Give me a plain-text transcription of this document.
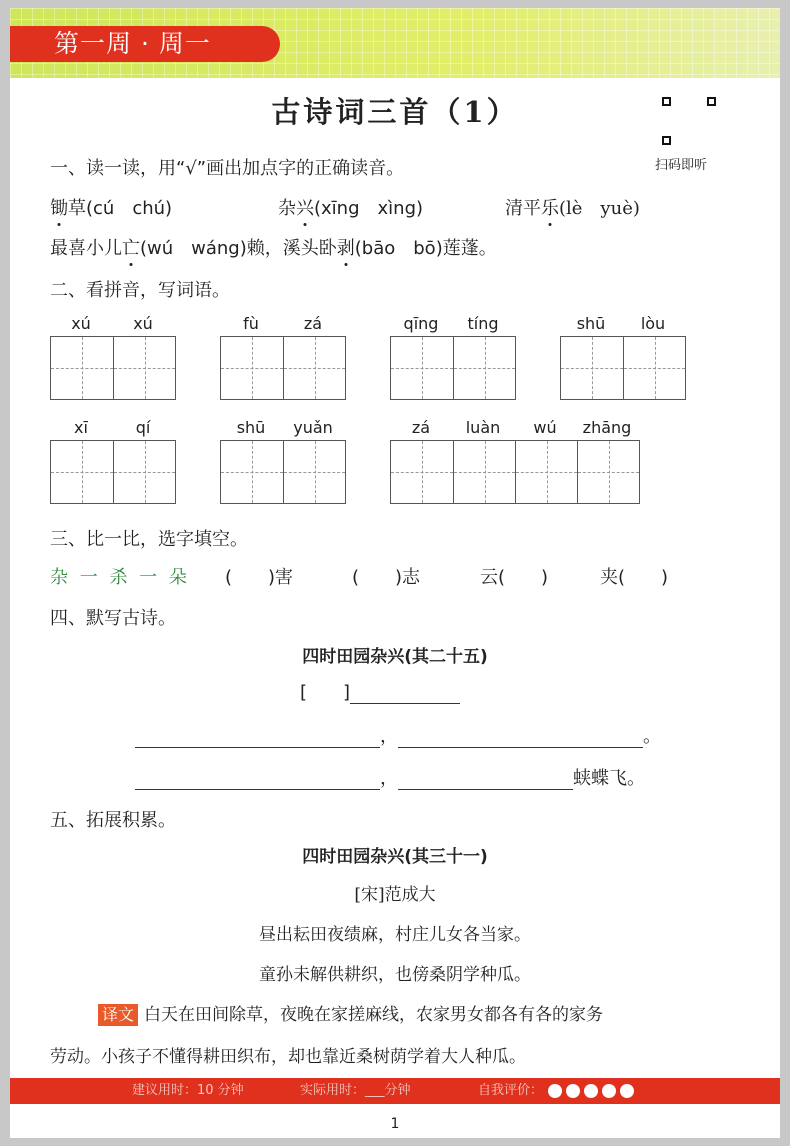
第一周 · 周一
古诗词三首（1）
扫码即听
一、读一读，用“√”画出加点字的正确读音。
锄草(cú　chú)	杂兴(xīng　xìng)	清平乐(lè　yuè)
最喜小儿亡(wú　wáng)赖，溪头卧剥(bāo　bō)莲蓬。
二、看拼音，写词语。
xú	xú	fù	zá	qīng	tíng	shū	lòu
xī	qí	shū	yuǎn	zá	luàn	wú	zhāng
三、比一比，选字填空。
杂 一 杀 一 朵 (　　)害	(　　)志	云(　　)	夹(　　)
四、默写古诗。
四时田园杂兴(其二十五)
[　　]
，	。
，	蛱蝶飞。
五、拓展积累。
四时田园杂兴(其三十一)
[宋]范成大
昼出耘田夜绩麻，村庄儿女各当家。
童孙未解供耕织，也傍桑阴学种瓜。
译文 白天在田间除草，夜晚在家搓麻线，农家男女都各有各的家务
劳动。小孩子不懂得耕田织布，却也靠近桑树荫学着大人种瓜。
建议用时：10 分钟	实际用时：___分钟	自我评价：
1
